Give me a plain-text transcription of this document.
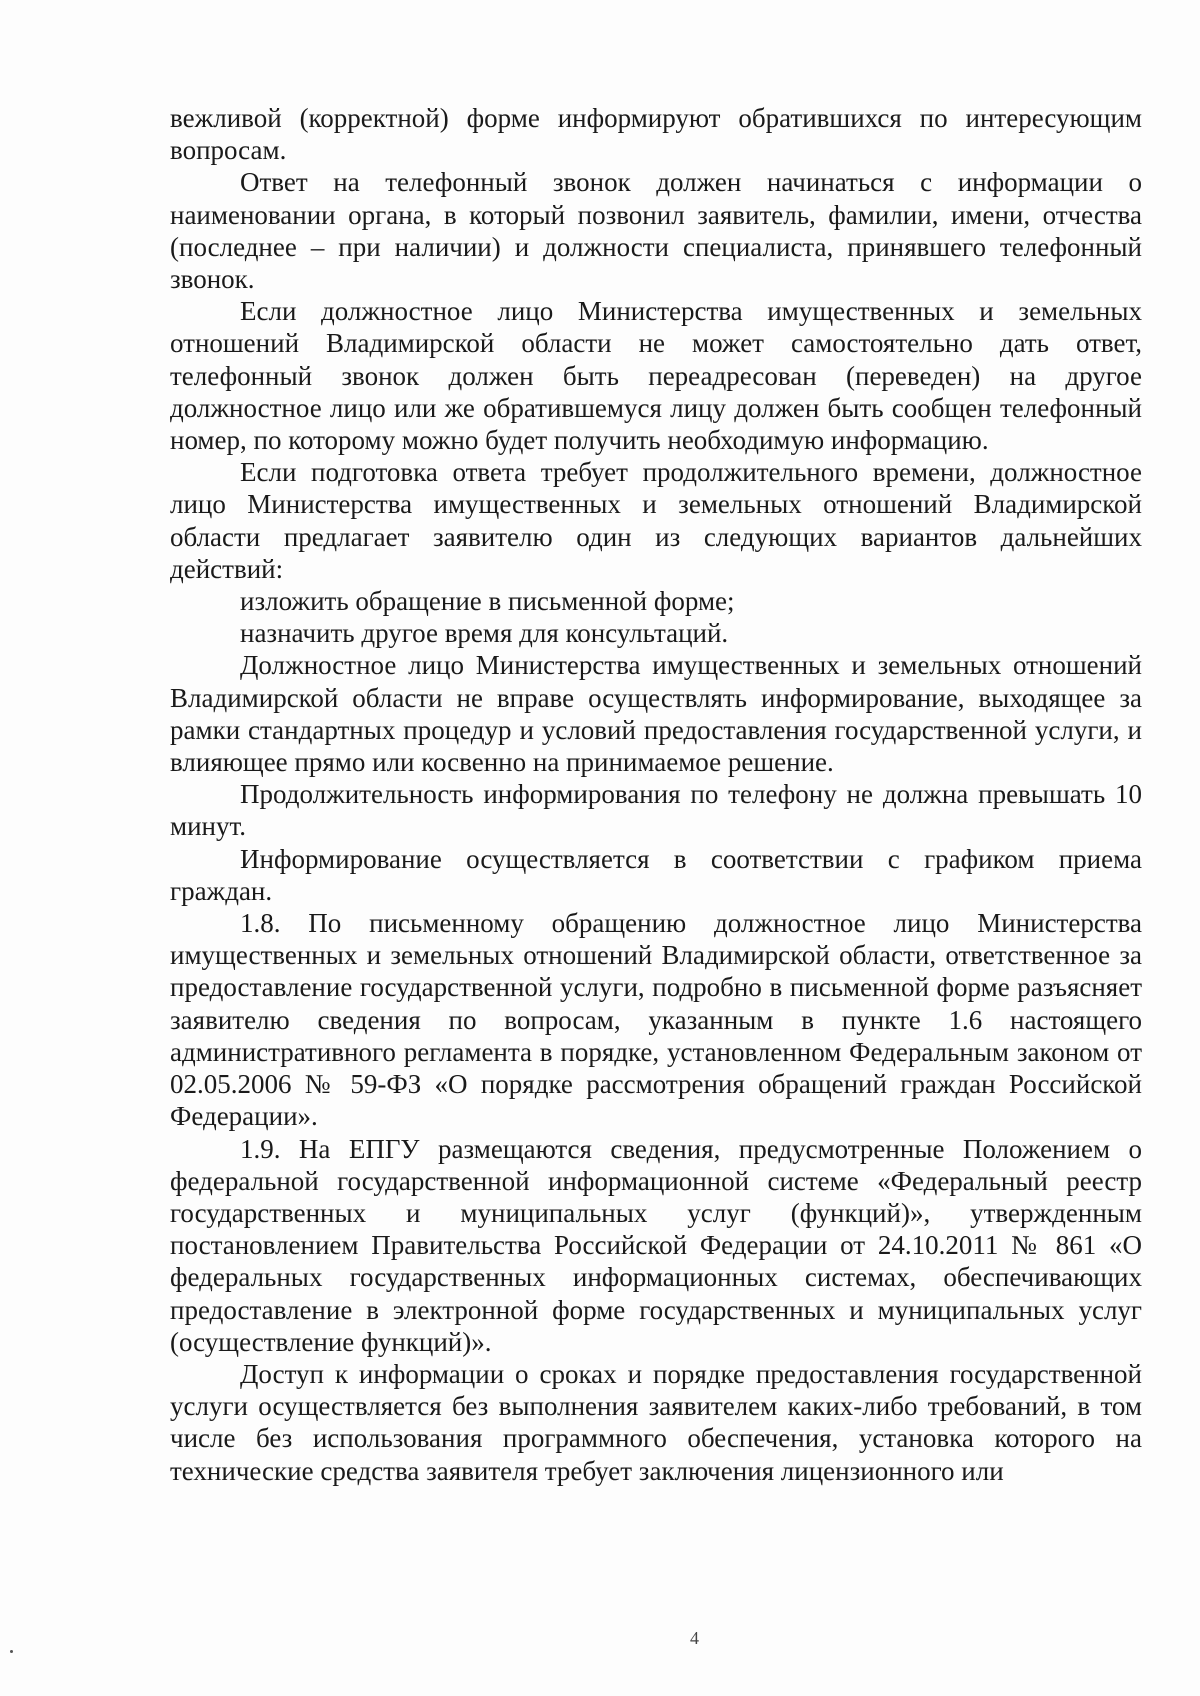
вежливой (корректной) форме информируют обратившихся по интересующим вопросам.

Ответ на телефонный звонок должен начинаться с информации о наименовании органа, в который позвонил заявитель, фамилии, имени, отчества (последнее – при наличии) и должности специалиста, принявшего телефонный звонок.

Если должностное лицо Министерства имущественных и земельных отношений Владимирской области не может самостоятельно дать ответ, телефонный звонок должен быть переадресован (переведен) на другое должностное лицо или же обратившемуся лицу должен быть сообщен телефонный номер, по которому можно будет получить необходимую информацию.

Если подготовка ответа требует продолжительного времени, должностное лицо Министерства имущественных и земельных отношений Владимирской области предлагает заявителю один из следующих вариантов дальнейших действий:

изложить обращение в письменной форме;

назначить другое время для консультаций.

Должностное лицо Министерства имущественных и земельных отношений Владимирской области не вправе осуществлять информирование, выходящее за рамки стандартных процедур и условий предоставления государственной услуги, и влияющее прямо или косвенно на принимаемое решение.

Продолжительность информирования по телефону не должна превышать 10 минут.

Информирование осуществляется в соответствии с графиком приема граждан.

1.8. По письменному обращению должностное лицо Министерства имущественных и земельных отношений Владимирской области, ответственное за предоставление государственной услуги, подробно в письменной форме разъясняет заявителю сведения по вопросам, указанным в пункте 1.6 настоящего административного регламента в порядке, установленном Федеральным законом от 02.05.2006 № 59-ФЗ «О порядке рассмотрения обращений граждан Российской Федерации».

1.9. На ЕПГУ размещаются сведения, предусмотренные Положением о федеральной государственной информационной системе «Федеральный реестр государственных и муниципальных услуг (функций)», утвержденным постановлением Правительства Российской Федерации от 24.10.2011 № 861 «О федеральных государственных информационных системах, обеспечивающих предоставление в электронной форме государственных и муниципальных услуг (осуществление функций)».

Доступ к информации о сроках и порядке предоставления государственной услуги осуществляется без выполнения заявителем каких-либо требований, в том числе без использования программного обеспечения, установка которого на технические средства заявителя требует заключения лицензионного или

4
